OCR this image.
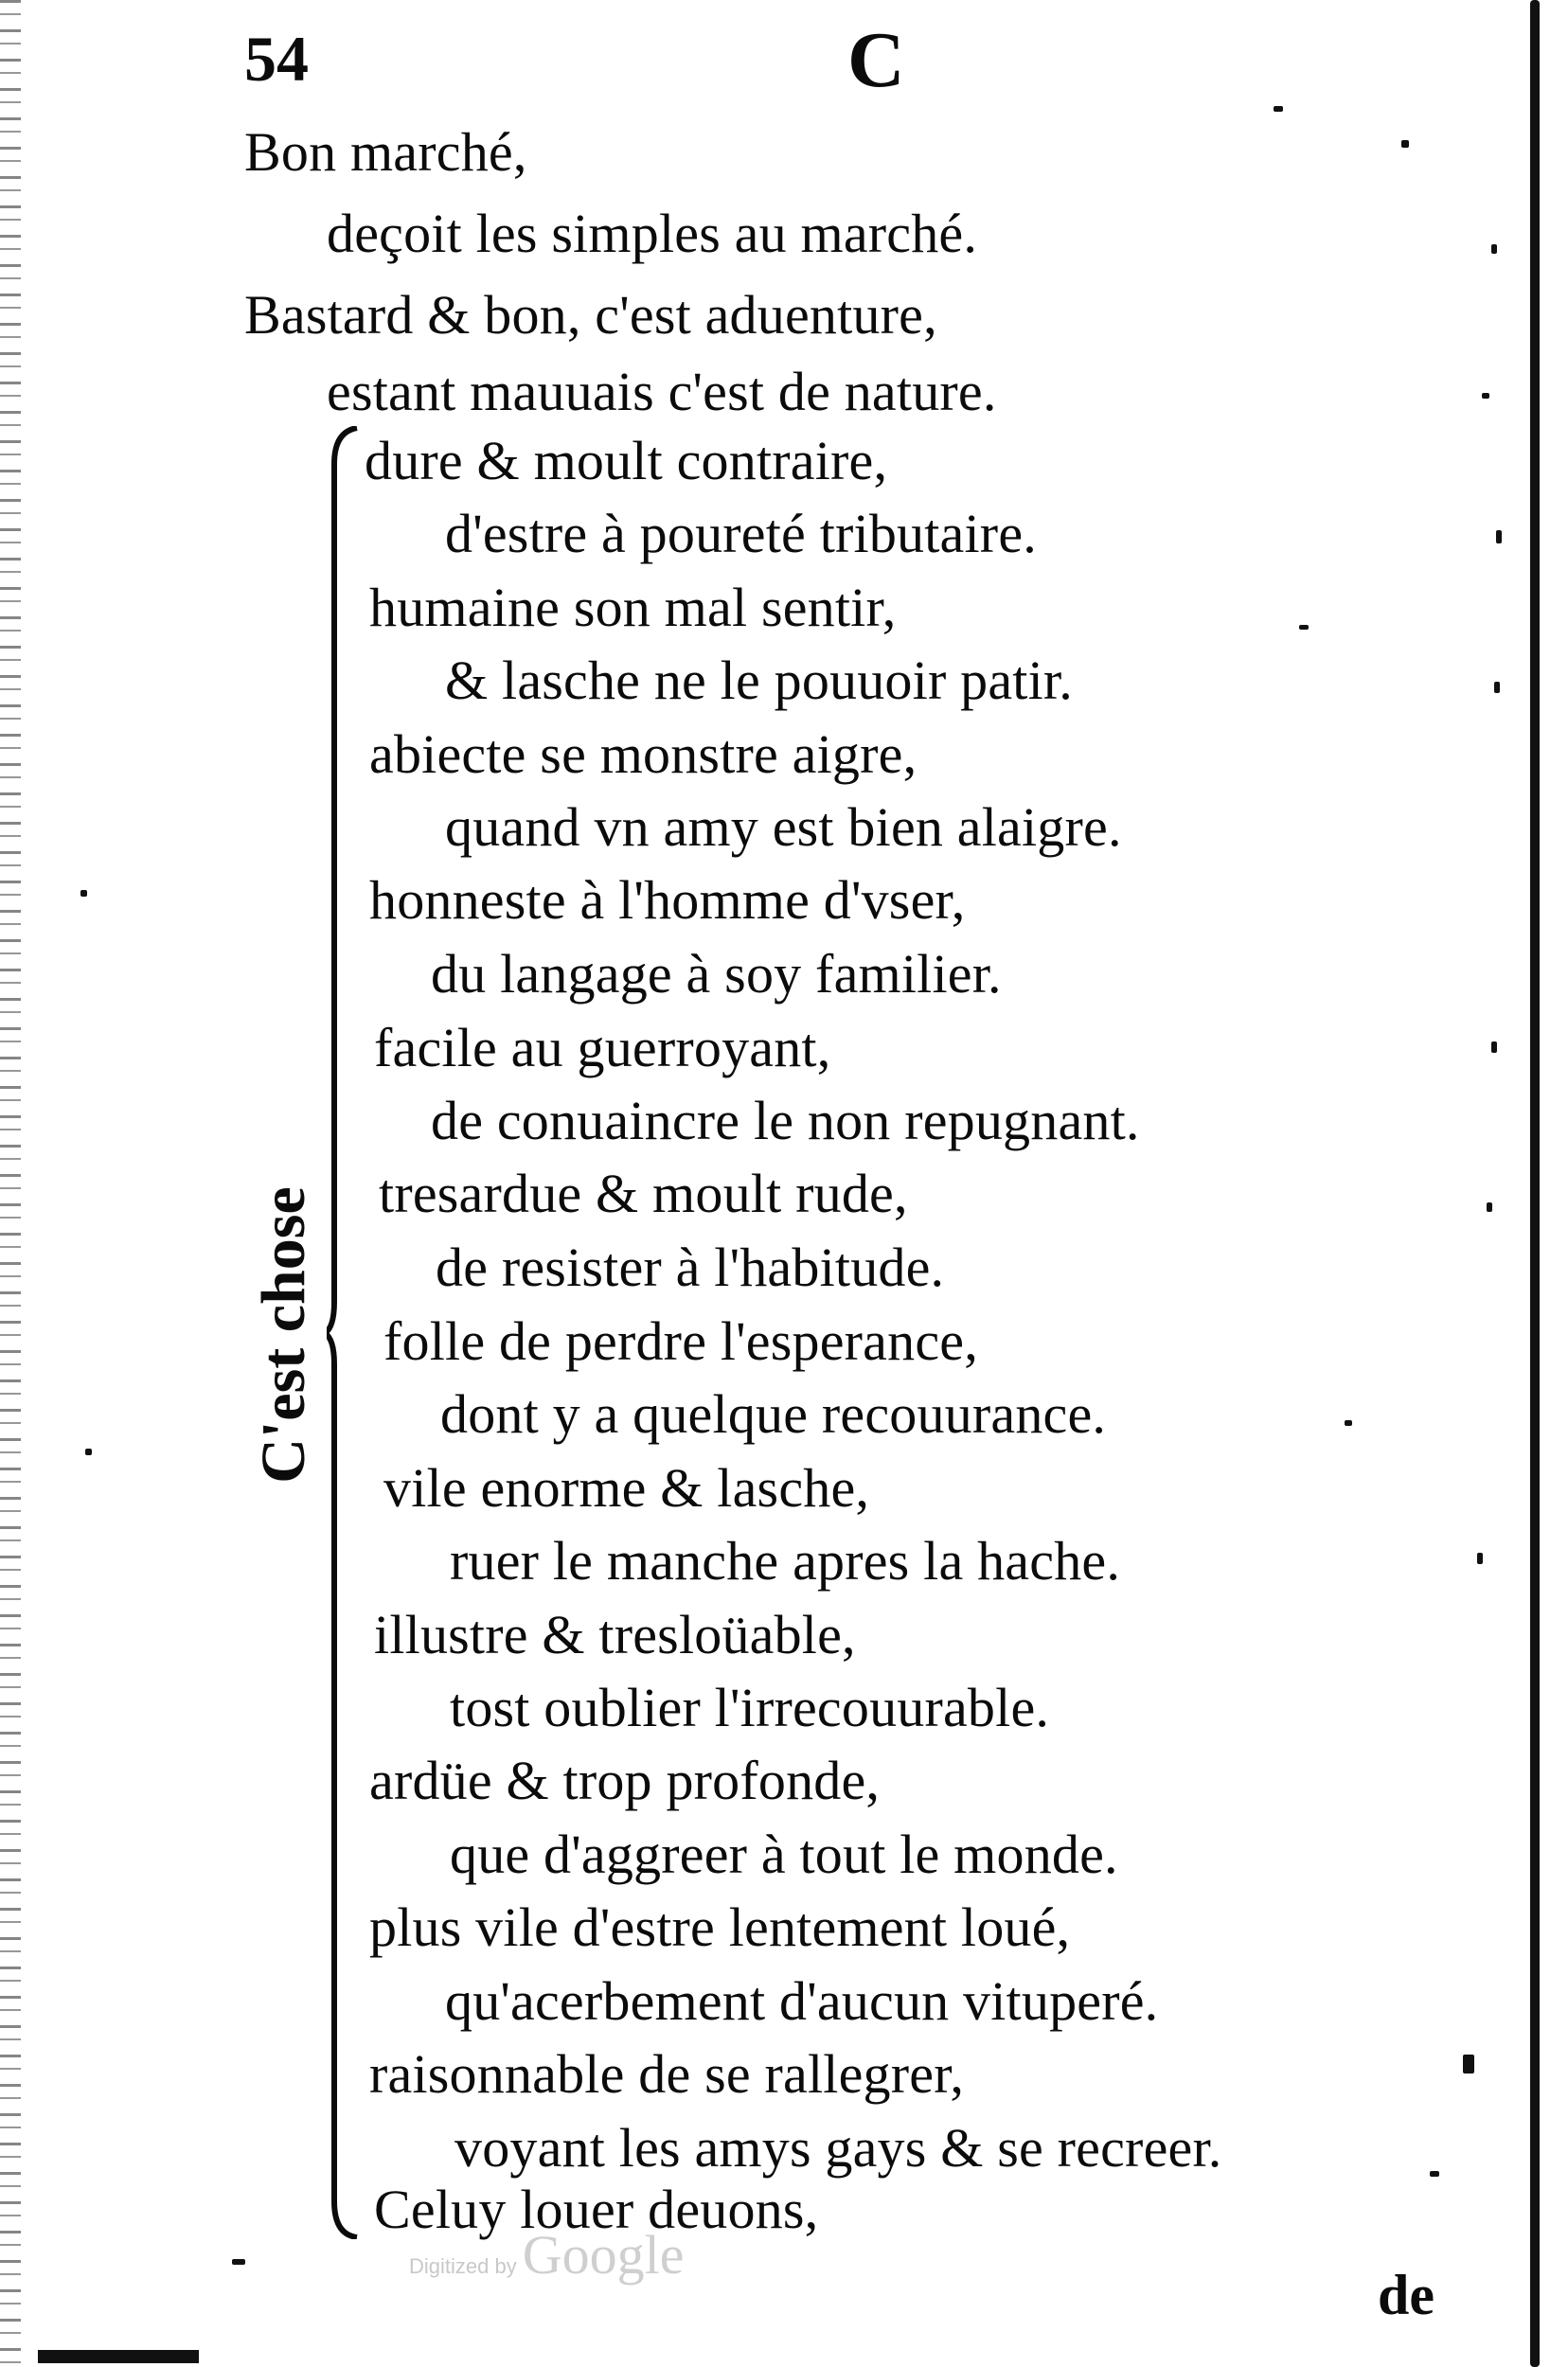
54	C
Bon marché,
deçoit les simples au marché.
Bastard & bon, c'est aduenture,
estant mauuais c'est de nature.
C'est chose
dure & moult contraire,
d'estre à poureté tributaire.
humaine son mal sentir,
& lasche ne le pouuoir patir.
abiecte se monstre aigre,
quand vn amy est bien alaigre.
honneste à l'homme d'vser,
du langage à soy familier.
facile au guerroyant,
de conuaincre le non repugnant.
tresardue & moult rude,
de resister à l'habitude.
folle de perdre l'esperance,
dont y a quelque recouurance.
vile enorme & lasche,
ruer le manche apres la hache.
illustre & tresloüable,
tost oublier l'irrecouurable.
ardüe & trop profonde,
que d'aggreer à tout le monde.
plus vile d'estre lentement loué,
qu'acerbement d'aucun vituperé.
raisonnable de se rallegrer,
voyant les amys gays & se recreer.
Celuy louer deuons,
Digitized by Google
de
